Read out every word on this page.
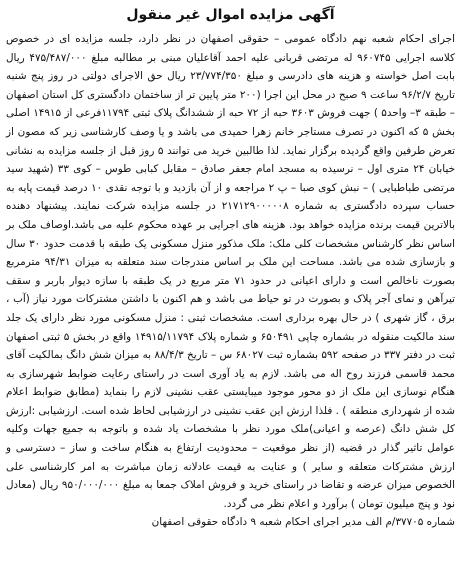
آگهی مزایده اموال غیر منقول

اجرای احکام شعبه نهم دادگاه عمومی – حقوقی اصفهان در نظر دارد، جلسه مزایده ای در خصوص کلاسه اجرایی ۹۶۰۷۴۵ له مرتضی قربانی علیه احمد آقاعلیان مبنی بر مطالبه مبلغ ۴۷۵/۴۸۷/۰۰۰ ریال بابت اصل خواسته و هزینه های دادرسی و مبلغ ۲۳/۷۷۴/۳۵۰ ریال حق الاجرای دولتی در روز پنج شنبه تاریخ ۹۶/۲/۷ ساعت ۹ صبح در محل این اجرا (۲۰۰ متر پایین تر از ساختمان دادگستری کل استان اصفهان – طبقه ۳– واحد۵ ) جهت فروش ۳۶۰۳ حبه از ۷۲ حبه از ششدانگ پلاک ثبتی ۱۱۷۹۴فرعی از ۱۴۹۱۵ اصلی بخش ۵ که اکنون در تصرف مستاجر خانم زهرا حمیدی می باشد و یا وصف کارشناسی زیر که مصون از تعرض طرفین واقع گردیده برگزار نماید. لذا طالبین خرید می توانند ۵ روز قبل از جلسه مزایده به نشانی خیابان ۲۴ متری اول – نرسیده به مسجد امام جعفر صادق – مقابل کبابی طوس – کوی ۳۳ (شهید سید مرتضی طباطبایی ) – نبش کوی صبا – پ ۲ مراجعه و از آن بازدید و با توجه نقدی ۱۰ درصد قیمت پایه به حساب سپرده دادگستری به شماره ۲۱۷۱۲۹۰۰۰۰۰۸ در جلسه مزایده شرکت نمایند. پیشنهاد دهنده بالاترین قیمت برنده مزایده خواهد بود. هزینه های اجرایی بر عهده محکوم علیه می باشد.اوصاف ملک بر اساس نظر کارشناس مشخصات کلی ملک: ملک مذکور منزل مسکونی یک طبقه با قدمت حدود ۳۰ سال و بازسازی شده می باشد. مساحت این ملک بر اساس مندرجات سند متعلقه به میزان ۹۴/۳۱ مترمربع بصورت ناخالص است و دارای اعیانی در حدود ۷۱ متر مربع در یک طبقه با سازه دیوار باربر و سقف تیرآهن و نمای آجر پلاک و بصورت در تو حیاط می باشد و هم اکنون با داشتن مشترکات مورد نیاز (آب ، برق ، گاز شهری ) در حال بهره برداری است. مشخصات ثبتی : منزل مسکونی مورد نظر دارای یک جلد سند مالکیت منقوله در بشماره چاپی ۶۵۰۴۹۱ و شماره پلاک ۱۴۹۱۵/۱۱۷۹۴ واقع در بخش ۵ ثبتی اصفهان ثبت در دفتر ۳۳۷ در صفحه ۵۹۲ بشماره ثبت ۶۸۰۲۷ س – تاریخ ۸۸/۴/۳ به میزان شش دانگ بمالکیت آقای محمد قاسمی فرزند روح اله می باشد. لازم به یاد آوری است در راستای رعایت ضوابط شهرسازی به هنگام نوسازی این ملک از دو محور موجود میبایستی عقب نشینی لازم را بنماید (مطابق ضوابط اعلام شده از شهرداری منطقه ) . فلذا ارزش این عقب نشینی در ارزشیابی لحاظ شده است. ارزشیابی :ارزش کل شش دانگ (عرصه و اعیانی)ملک مورد نظر با مشخصات یاد شده و باتوجه به جمیع جهات وکلیه عوامل تاثیر گذار در قضیه (از نظر موقعیت – محدودیت ارتفاع به هنگام ساخت و ساز – دسترسی و ارزش مشترکات متعلقه و سایر ) و عنایت به قیمت عادلانه زمان مباشرت به امر کارشناسی علی الخصوص میزان عرضه و تقاضا در راستای خرید و فروش املاک جمعا به مبلغ ۹۵۰/۰۰۰/۰۰۰ ریال (معادل نود و پنج میلیون تومان ) برآورد و اعلام نظر می گردد.

شماره ۳۷۷۰۵/م الف مدیر اجرای احکام شعبه ۹ دادگاه حقوقی اصفهان
